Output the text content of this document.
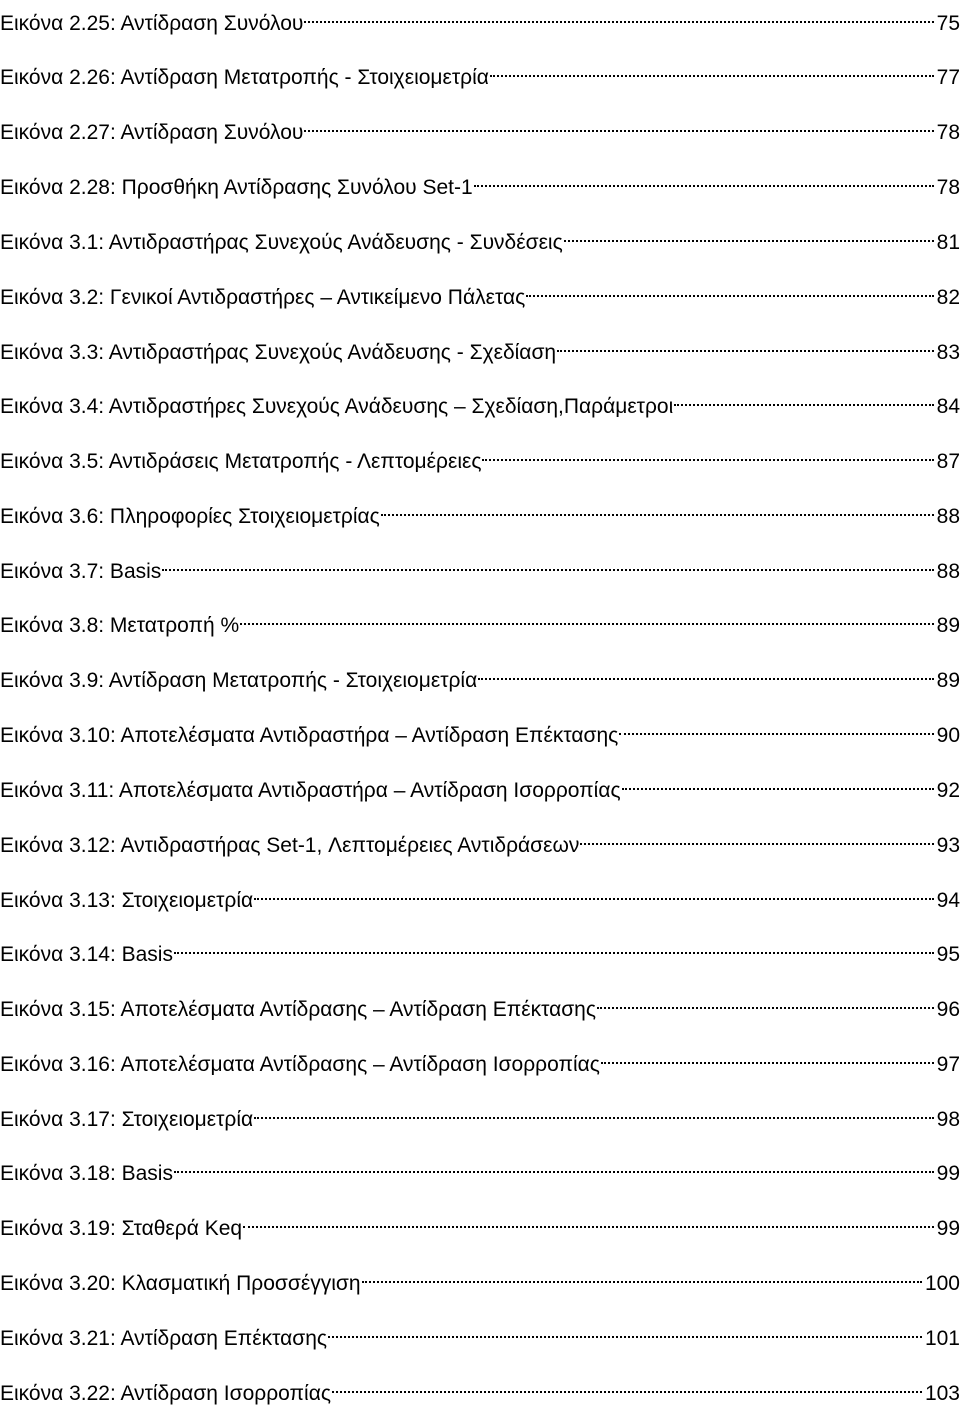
Εικόνα 2.25: Αντίδραση Συνόλου	75
Εικόνα 2.26: Αντίδραση Μετατροπής - Στοιχειομετρία	77
Εικόνα 2.27: Αντίδραση Συνόλου	78
Εικόνα 2.28: Προσθήκη Αντίδρασης Συνόλου Set-1	78
Εικόνα 3.1: Αντιδραστήρας Συνεχούς Ανάδευσης - Συνδέσεις	81
Εικόνα 3.2: Γενικοί Αντιδραστήρες – Αντικείμενο Πάλετας	82
Εικόνα 3.3: Αντιδραστήρας Συνεχούς Ανάδευσης - Σχεδίαση	83
Εικόνα 3.4: Αντιδραστήρες Συνεχούς Ανάδευσης – Σχεδίαση,Παράμετροι	84
Εικόνα 3.5: Αντιδράσεις Μετατροπής - Λεπτομέρειες	87
Εικόνα 3.6: Πληροφορίες Στοιχειομετρίας	88
Εικόνα 3.7: Basis	88
Εικόνα 3.8: Μετατροπή %	89
Εικόνα 3.9: Αντίδραση Μετατροπής - Στοιχειομετρία	89
Εικόνα 3.10: Αποτελέσματα Αντιδραστήρα – Αντίδραση Επέκτασης	90
Εικόνα 3.11: Αποτελέσματα Αντιδραστήρα – Αντίδραση Ισορροπίας	92
Εικόνα 3.12: Αντιδραστήρας Set-1, Λεπτομέρειες Αντιδράσεων	93
Εικόνα 3.13: Στοιχειομετρία	94
Εικόνα 3.14: Basis	95
Εικόνα 3.15: Αποτελέσματα Αντίδρασης – Αντίδραση Επέκτασης	96
Εικόνα 3.16: Αποτελέσματα Αντίδρασης – Αντίδραση Ισορροπίας	97
Εικόνα 3.17: Στοιχειομετρία	98
Εικόνα 3.18: Basis	99
Εικόνα 3.19: Σταθερά Keq	99
Εικόνα 3.20: Κλασματική Προσσέγγιση	100
Εικόνα 3.21: Αντίδραση Επέκτασης	101
Εικόνα 3.22: Αντίδραση Ισορροπίας	103
